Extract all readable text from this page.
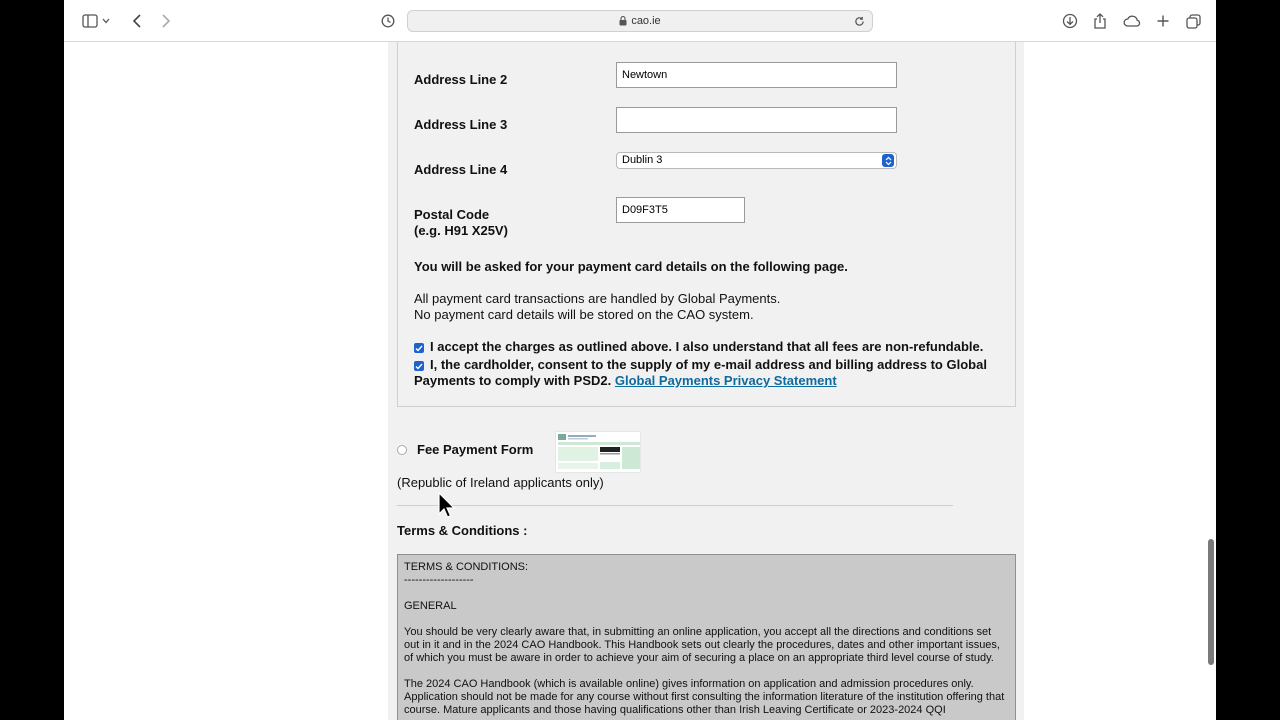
cao.ie
Address Line 2	Newtown
Address Line 3
Address Line 4
Dublin 3
Postal Code
(e.g. H91 X25V)
D09F3T5
You will be asked for your payment card details on the following page.
All payment card transactions are handled by Global Payments.
No payment card details will be stored on the CAO system.
I accept the charges as outlined above. I also understand that all fees are non-refundable.
I, the cardholder, consent to the supply of my e-mail address and billing address to Global Payments to comply with PSD2. Global Payments Privacy Statement
Fee Payment Form
(Republic of Ireland applicants only)
Terms & Conditions :
TERMS & CONDITIONS:
-------------------

GENERAL

You should be very clearly aware that, in submitting an online application, you accept all the directions and conditions set out in it and in the 2024 CAO Handbook. This Handbook sets out clearly the procedures, dates and other important issues, of which you must be aware in order to achieve your aim of securing a place on an appropriate third level course of study.

The 2024 CAO Handbook (which is available online) gives information on application and admission procedures only. Application should not be made for any course without first consulting the information literature of the institution offering that course. Mature applicants and those having qualifications other than Irish Leaving Certificate or 2023-2024 QQI
